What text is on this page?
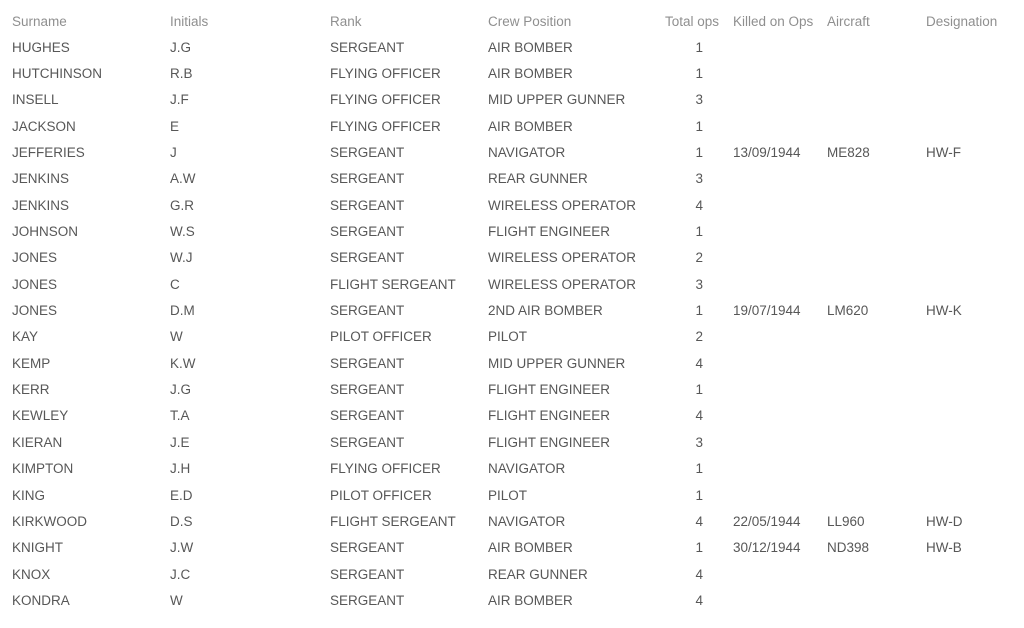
Surname	Initials	Rank	Crew Position	Total ops	Killed on Ops	Aircraft	Designation
HUGHES	J.G	SERGEANT	AIR BOMBER	1
HUTCHINSON	R.B	FLYING OFFICER	AIR BOMBER	1
INSELL	J.F	FLYING OFFICER	MID UPPER GUNNER	3
JACKSON	E	FLYING OFFICER	AIR BOMBER	1
JEFFERIES	J	SERGEANT	NAVIGATOR	1	13/09/1944	ME828	HW-F
JENKINS	A.W	SERGEANT	REAR GUNNER	3
JENKINS	G.R	SERGEANT	WIRELESS OPERATOR	4
JOHNSON	W.S	SERGEANT	FLIGHT ENGINEER	1
JONES	W.J	SERGEANT	WIRELESS OPERATOR	2
JONES	C	FLIGHT SERGEANT	WIRELESS OPERATOR	3
JONES	D.M	SERGEANT	2ND AIR BOMBER	1	19/07/1944	LM620	HW-K
KAY	W	PILOT OFFICER	PILOT	2
KEMP	K.W	SERGEANT	MID UPPER GUNNER	4
KERR	J.G	SERGEANT	FLIGHT ENGINEER	1
KEWLEY	T.A	SERGEANT	FLIGHT ENGINEER	4
KIERAN	J.E	SERGEANT	FLIGHT ENGINEER	3
KIMPTON	J.H	FLYING OFFICER	NAVIGATOR	1
KING	E.D	PILOT OFFICER	PILOT	1
KIRKWOOD	D.S	FLIGHT SERGEANT	NAVIGATOR	4	22/05/1944	LL960	HW-D
KNIGHT	J.W	SERGEANT	AIR BOMBER	1	30/12/1944	ND398	HW-B
KNOX	J.C	SERGEANT	REAR GUNNER	4
KONDRA	W	SERGEANT	AIR BOMBER	4
